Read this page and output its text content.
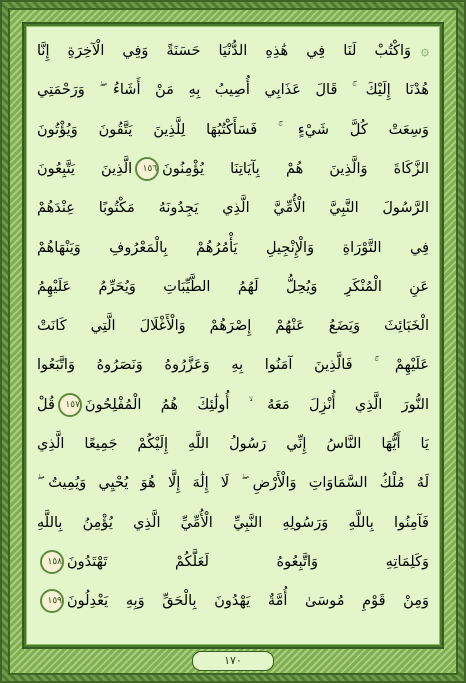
۞وَاكْتُبْ لَنَا فِي هَٰذِهِ الدُّنْيَا حَسَنَةً وَفِي الْآخِرَةِ إِنَّا
هُدْنَا إِلَيْكَ ۚ قَالَ عَذَابِي أُصِيبُ بِهِ مَنْ أَشَاءُ ۖ وَرَحْمَتِي
وَسِعَتْ كُلَّ شَيْءٍ ۚ فَسَأَكْتُبُهَا لِلَّذِينَ يَتَّقُونَ وَيُؤْتُونَ
الزَّكَاةَ وَالَّذِينَ هُمْ بِآيَاتِنَا يُؤْمِنُونَ١٥٦الَّذِينَ يَتَّبِعُونَ
الرَّسُولَ النَّبِيَّ الْأُمِّيَّ الَّذِي يَجِدُونَهُ مَكْتُوبًا عِنْدَهُمْ
فِي التَّوْرَاةِ وَالْإِنْجِيلِ يَأْمُرُهُمْ بِالْمَعْرُوفِ وَيَنْهَاهُمْ
عَنِ الْمُنْكَرِ وَيُحِلُّ لَهُمُ الطَّيِّبَاتِ وَيُحَرِّمُ عَلَيْهِمُ
الْخَبَائِثَ وَيَضَعُ عَنْهُمْ إِصْرَهُمْ وَالْأَغْلَالَ الَّتِي كَانَتْ
عَلَيْهِمْ ۚ فَالَّذِينَ آمَنُوا بِهِ وَعَزَّرُوهُ وَنَصَرُوهُ وَاتَّبَعُوا
النُّورَ الَّذِي أُنْزِلَ مَعَهُ ۙ أُولَٰئِكَ هُمُ الْمُفْلِحُونَ١٥٧قُلْ
يَا أَيُّهَا النَّاسُ إِنِّي رَسُولُ اللَّهِ إِلَيْكُمْ جَمِيعًا الَّذِي
لَهُ مُلْكُ السَّمَاوَاتِ وَالْأَرْضِ ۖ لَا إِلَٰهَ إِلَّا هُوَ يُحْيِي وَيُمِيتُ ۖ
فَآمِنُوا بِاللَّهِ وَرَسُولِهِ النَّبِيِّ الْأُمِّيِّ الَّذِي يُؤْمِنُ بِاللَّهِ
وَكَلِمَاتِهِ وَاتَّبِعُوهُ لَعَلَّكُمْ تَهْتَدُونَ١٥٨
وَمِنْ قَوْمِ مُوسَىٰ أُمَّةٌ يَهْدُونَ بِالْحَقِّ وَبِهِ يَعْدِلُونَ١٥٩
١٧٠
